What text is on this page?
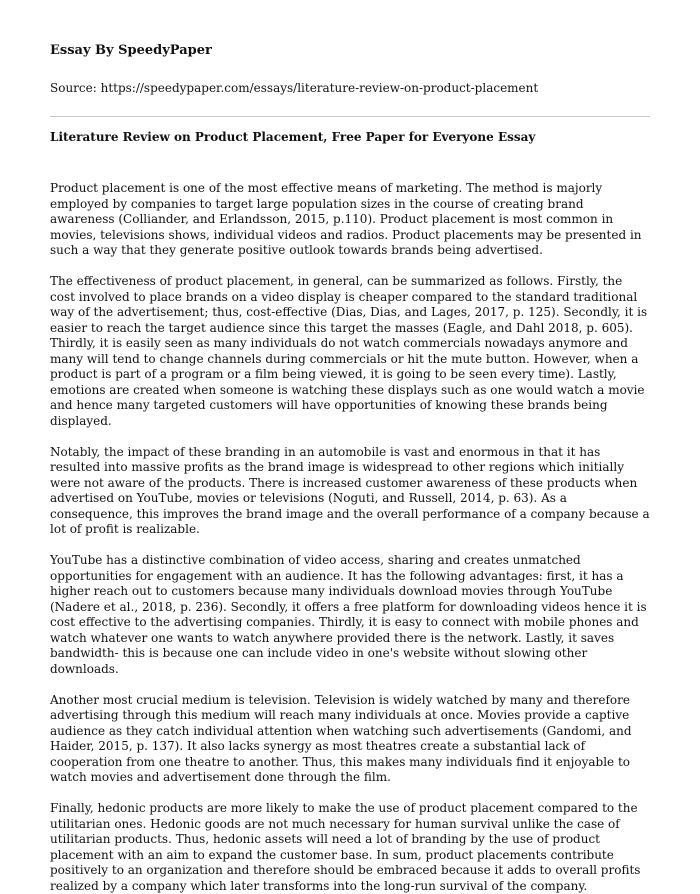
Essay By SpeedyPaper
Source: https://speedypaper.com/essays/literature-review-on-product-placement
Literature Review on Product Placement, Free Paper for Everyone Essay

Product placement is one of the most effective means of marketing. The method is majorly employed by companies to target large population sizes in the course of creating brand awareness (Colliander, and Erlandsson, 2015, p.110). Product placement is most common in movies, televisions shows, individual videos and radios. Product placements may be presented in such a way that they generate positive outlook towards brands being advertised.

The effectiveness of product placement, in general, can be summarized as follows. Firstly, the cost involved to place brands on a video display is cheaper compared to the standard traditional way of the advertisement; thus, cost-effective (Dias, Dias, and Lages, 2017, p. 125). Secondly, it is easier to reach the target audience since this target the masses (Eagle, and Dahl 2018, p. 605). Thirdly, it is easily seen as many individuals do not watch commercials nowadays anymore and many will tend to change channels during commercials or hit the mute button. However, when a product is part of a program or a film being viewed, it is going to be seen every time). Lastly, emotions are created when someone is watching these displays such as one would watch a movie and hence many targeted customers will have opportunities of knowing these brands being displayed.

Notably, the impact of these branding in an automobile is vast and enormous in that it has resulted into massive profits as the brand image is widespread to other regions which initially were not aware of the products. There is increased customer awareness of these products when advertised on YouTube, movies or televisions (Noguti, and Russell, 2014, p. 63). As a consequence, this improves the brand image and the overall performance of a company because a lot of profit is realizable.

YouTube has a distinctive combination of video access, sharing and creates unmatched opportunities for engagement with an audience. It has the following advantages: first, it has a higher reach out to customers because many individuals download movies through YouTube (Nadere et al., 2018, p. 236). Secondly, it offers a free platform for downloading videos hence it is cost effective to the advertising companies. Thirdly, it is easy to connect with mobile phones and watch whatever one wants to watch anywhere provided there is the network. Lastly, it saves bandwidth- this is because one can include video in one's website without slowing other downloads.

Another most crucial medium is television. Television is widely watched by many and therefore advertising through this medium will reach many individuals at once. Movies provide a captive audience as they catch individual attention when watching such advertisements (Gandomi, and Haider, 2015, p. 137). It also lacks synergy as most theatres create a substantial lack of cooperation from one theatre to another. Thus, this makes many individuals find it enjoyable to watch movies and advertisement done through the film.

Finally, hedonic products are more likely to make the use of product placement compared to the utilitarian ones. Hedonic goods are not much necessary for human survival unlike the case of utilitarian products. Thus, hedonic assets will need a lot of branding by the use of product placement with an aim to expand the customer base. In sum, product placements contribute positively to an organization and therefore should be embraced because it adds to overall profits realized by a company which later transforms into the long-run survival of the company.
